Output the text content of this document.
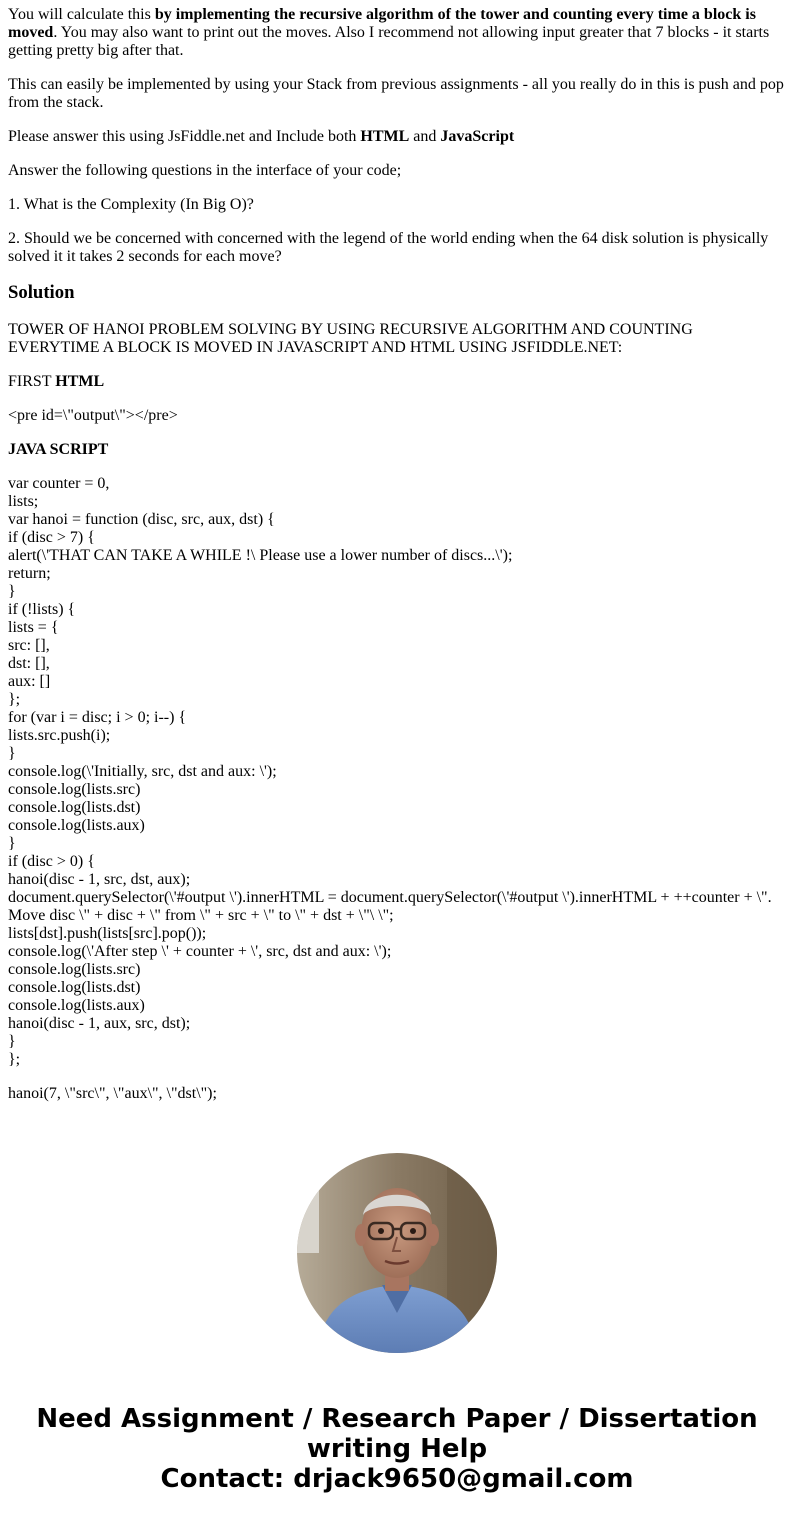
You will calculate this by implementing the recursive algorithm of the tower and counting every time a block is moved. You may also want to print out the moves. Also I recommend not allowing input greater that 7 blocks - it starts getting pretty big after that.

This can easily be implemented by using your Stack from previous assignments - all you really do in this is push and pop from the stack.

Please answer this using JsFiddle.net and Include both HTML and JavaScript

Answer the following questions in the interface of your code;

1. What is the Complexity (In Big O)?

2. Should we be concerned with concerned with the legend of the world ending when the 64 disk solution is physically solved it it takes 2 seconds for each move?

Solution

TOWER OF HANOI PROBLEM SOLVING BY USING RECURSIVE ALGORITHM AND COUNTING EVERYTIME A BLOCK IS MOVED IN JAVASCRIPT AND HTML USING JSFIDDLE.NET:

FIRST HTML

<pre id=\"output\"></pre>

JAVA SCRIPT

var counter = 0,
lists;
var hanoi = function (disc, src, aux, dst) {
if (disc > 7) {
alert(\'THAT CAN TAKE A WHILE !\ Please use a lower number of discs...\');
return;
}
if (!lists) {
lists = {
src: [],
dst: [],
aux: []
};
for (var i = disc; i > 0; i--) {
lists.src.push(i);
}
console.log(\'Initially, src, dst and aux: \');
console.log(lists.src)
console.log(lists.dst)
console.log(lists.aux)
}
if (disc > 0) {
hanoi(disc - 1, src, dst, aux);
document.querySelector(\'#output \').innerHTML = document.querySelector(\'#output \').innerHTML + ++counter + \". Move disc \" + disc + \" from \" + src + \" to \" + dst + \"\ \";
lists[dst].push(lists[src].pop());
console.log(\'After step \' + counter + \', src, dst and aux: \');
console.log(lists.src)
console.log(lists.dst)
console.log(lists.aux)
hanoi(disc - 1, aux, src, dst);
}
};

hanoi(7, \"src\", \"aux\", \"dst\");

Need Assignment / Research Paper / Dissertation writing Help
Contact: drjack9650@gmail.com
